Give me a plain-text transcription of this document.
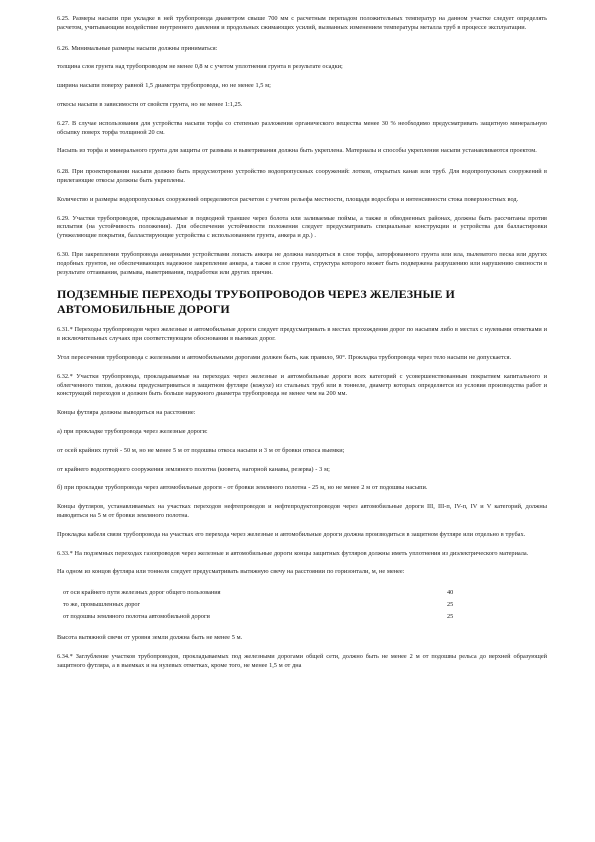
6.25. Размеры насыпи при укладке в ней трубопровода диаметром свыше 700 мм с расчетным перепадом положительных температур на данном участке следует определять расчетом, учитывающим воздействие внутреннего давления и продольных сжимающих усилий, вызванных изменением температуры металла труб в процессе эксплуатации.

6.26. Минимальные размеры насыпи должны приниматься:

толщина слоя грунта над трубопроводом не менее 0,8 м с учетом уплотнения грунта в результате осадки;

ширина насыпи поверху равной 1,5 диаметра трубопровода, но не менее 1,5 м;

откосы насыпи в зависимости от свойств грунта, но не менее 1:1,25.

6.27. В случае использования для устройства насыпи торфа со степенью разложения органического вещества менее 30 % необходимо предусматривать защитную минеральную обсыпку поверх торфа толщиной 20 см.

Насыпь из торфа и минерального грунта для защиты от размыва и выветривания должна быть укреплена. Материалы и способы укрепления насыпи устанавливаются проектом.

6.28. При проектировании насыпи должно быть предусмотрено устройство водопропускных сооружений: лотков, открытых канав или труб. Для водопропускных сооружений в прилегающие откосы должны быть укреплены.

Количество и размеры водопропускных сооружений определяются расчетом с учетом рельефа местности, площади водосбора и интенсивности стока поверхностных вод.

6.29. Участки трубопроводов, прокладываемые в подводной траншее через болота или заливаемые поймы, а также в обводненных районах, должны быть рассчитаны против всплытия (на устойчивость положения). Для обеспечения устойчивости положения следует предусматривать специальные конструкции и устройства для балластировки (утяжеляющие покрытия, балластирующие устройства с использованием грунта, анкера и др.) .

6.30. При закреплении трубопровода анкерными устройствами лопасть анкера не должна находиться в слое торфа, заторфованного грунта или ила, пылеватого песка или других подобных грунтов, не обеспечивающих надежное закрепление анкера, а также в слое грунта, структура которого может быть подвержена разрушению или нарушению связности в результате оттаивания, размыва, выветривания, подработки или других причин.

ПОДЗЕМНЫЕ ПЕРЕХОДЫ ТРУБОПРОВОДОВ ЧЕРЕЗ ЖЕЛЕЗНЫЕ И АВТОМОБИЛЬНЫЕ ДОРОГИ

6.31.* Переходы трубопроводов через железные и автомобильные дороги следует предусматривать в местах прохождения дорог по насыпям либо в местах с нулевыми отметками и в исключительных случаях при соответствующем обосновании в выемках дорог.

Угол пересечения трубопровода с железными и автомобильными дорогами должен быть, как правило, 90°. Прокладка трубопровода через тело насыпи не допускается.

6.32.* Участки трубопровода, прокладываемые на переходах через железные и автомобильные дороги всех категорий с усовершенствованным покрытием капитального и облегченного типов, должны предусматриваться в защитном футляре (кожухе) из стальных труб или в тоннеле, диаметр которых определяется из условия производства работ и конструкций переходов и должен быть больше наружного диаметра трубопровода не менее чем на 200 мм.

Концы футляра должны выводиться на расстояние:

а) при прокладке трубопровода через железные дороги:

от осей крайних путей - 50 м, но не менее 5 м от подошвы откоса насыпи и 3 м от бровки откоса выемки;

от крайнего водоотводного сооружения земляного полотна (кювета, нагорной канавы, резерва) - 3 м;

б) при прокладке трубопровода через автомобильные дороги - от бровки земляного полотна - 25 м, но не менее 2 м от подошвы насыпи.

Концы футляров, устанавливаемых на участках переходов нефтепроводов и нефтепродуктопроводов через автомобильные дороги III, III-п, IV-п, IV и V категорий, должны выводиться на 5 м от бровки земляного полотна.

Прокладка кабеля связи трубопровода на участках его перехода через железные и автомобильные дороги должна производиться в защитном футляре или отдельно в трубах.

6.33.* На подземных переходах газопроводов через железные и автомобильные дороги концы защитных футляров должны иметь уплотнения из диэлектрического материала.

На одном из концов футляра или тоннеля следует предусматривать вытяжную свечу на расстоянии по горизонтали, м, не менее:

от оси крайнего пути железных дорог общего пользования	40
то же, промышленных дорог	25
от подошвы земляного полотна автомобильной дороги	25

Высота вытяжной свечи от уровня земли должна быть не менее 5 м.

6.34.* Заглубление участков трубопроводов, прокладываемых под железными дорогами общей сети, должно быть не менее 2 м от подошвы рельса до верхней образующей защитного футляра, а в выемках и на нулевых отметках, кроме того, не менее 1,5 м от дна
